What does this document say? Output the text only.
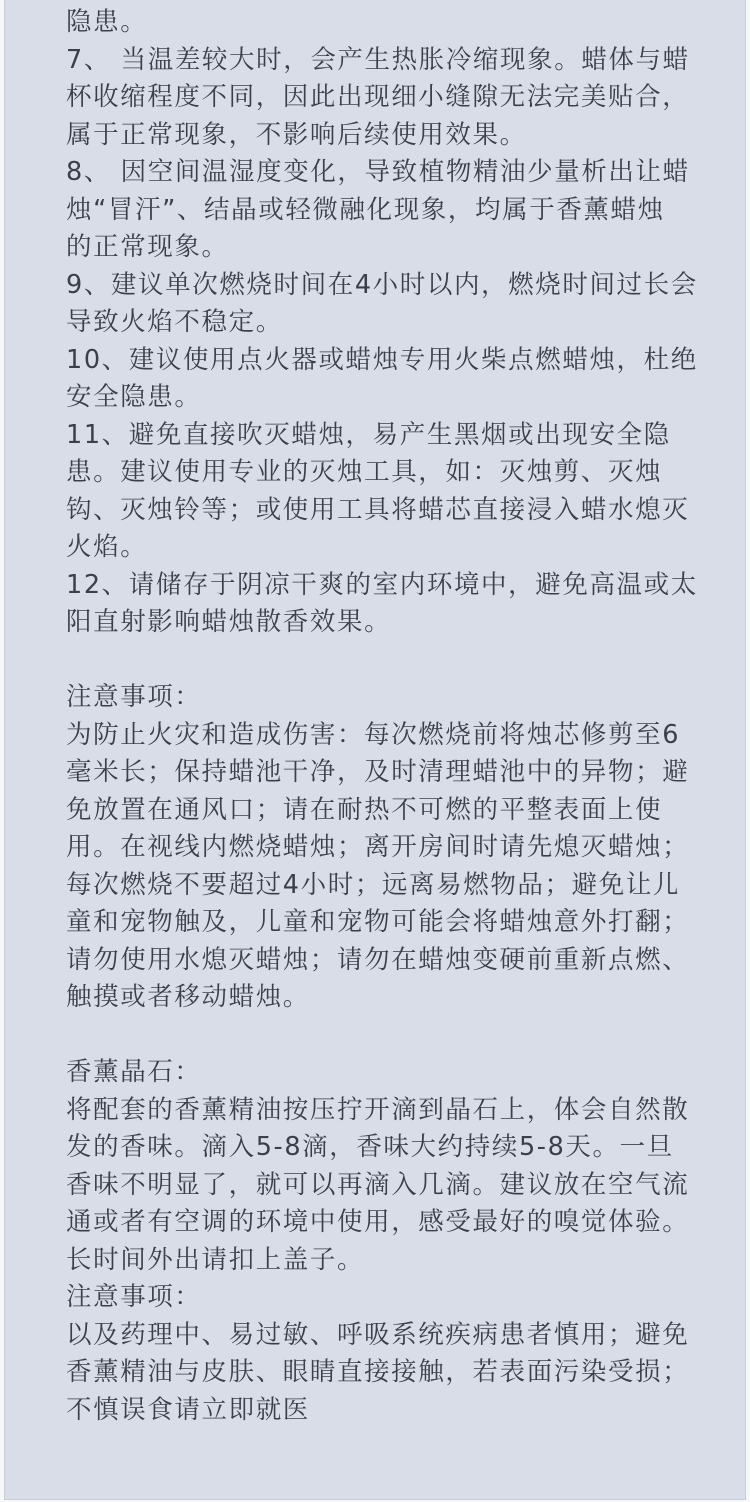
隐患。
7、 当温差较大时，会产生热胀冷缩现象。蜡体与蜡
杯收缩程度不同，因此出现细小缝隙无法完美贴合，
属于正常现象，不影响后续使用效果。
8、 因空间温湿度变化，导致植物精油少量析出让蜡
烛“冒汗”、结晶或轻微融化现象，均属于香薰蜡烛
的正常现象。
9、建议单次燃烧时间在4小时以内，燃烧时间过长会
导致火焰不稳定。
10、建议使用点火器或蜡烛专用火柴点燃蜡烛，杜绝
安全隐患。
11、避免直接吹灭蜡烛，易产生黑烟或出现安全隐
患。建议使用专业的灭烛工具，如：灭烛剪、灭烛
钩、灭烛铃等；或使用工具将蜡芯直接浸入蜡水熄灭
火焰。
12、请储存于阴凉干爽的室内环境中，避免高温或太
阳直射影响蜡烛散香效果。
注意事项：
为防止火灾和造成伤害：每次燃烧前将烛芯修剪至6
毫米长；保持蜡池干净，及时清理蜡池中的异物；避
免放置在通风口；请在耐热不可燃的平整表面上使
用。在视线内燃烧蜡烛；离开房间时请先熄灭蜡烛；
每次燃烧不要超过4小时；远离易燃物品；避免让儿
童和宠物触及，儿童和宠物可能会将蜡烛意外打翻；
请勿使用水熄灭蜡烛；请勿在蜡烛变硬前重新点燃、
触摸或者移动蜡烛。
香薰晶石：
将配套的香薰精油按压拧开滴到晶石上，体会自然散
发的香味。滴入5-8滴，香味大约持续5-8天。一旦
香味不明显了，就可以再滴入几滴。建议放在空气流
通或者有空调的环境中使用，感受最好的嗅觉体验。
长时间外出请扣上盖子。
注意事项：
以及药理中、易过敏、呼吸系统疾病患者慎用；避免
香薰精油与皮肤、眼睛直接接触，若表面污染受损；
不慎误食请立即就医
